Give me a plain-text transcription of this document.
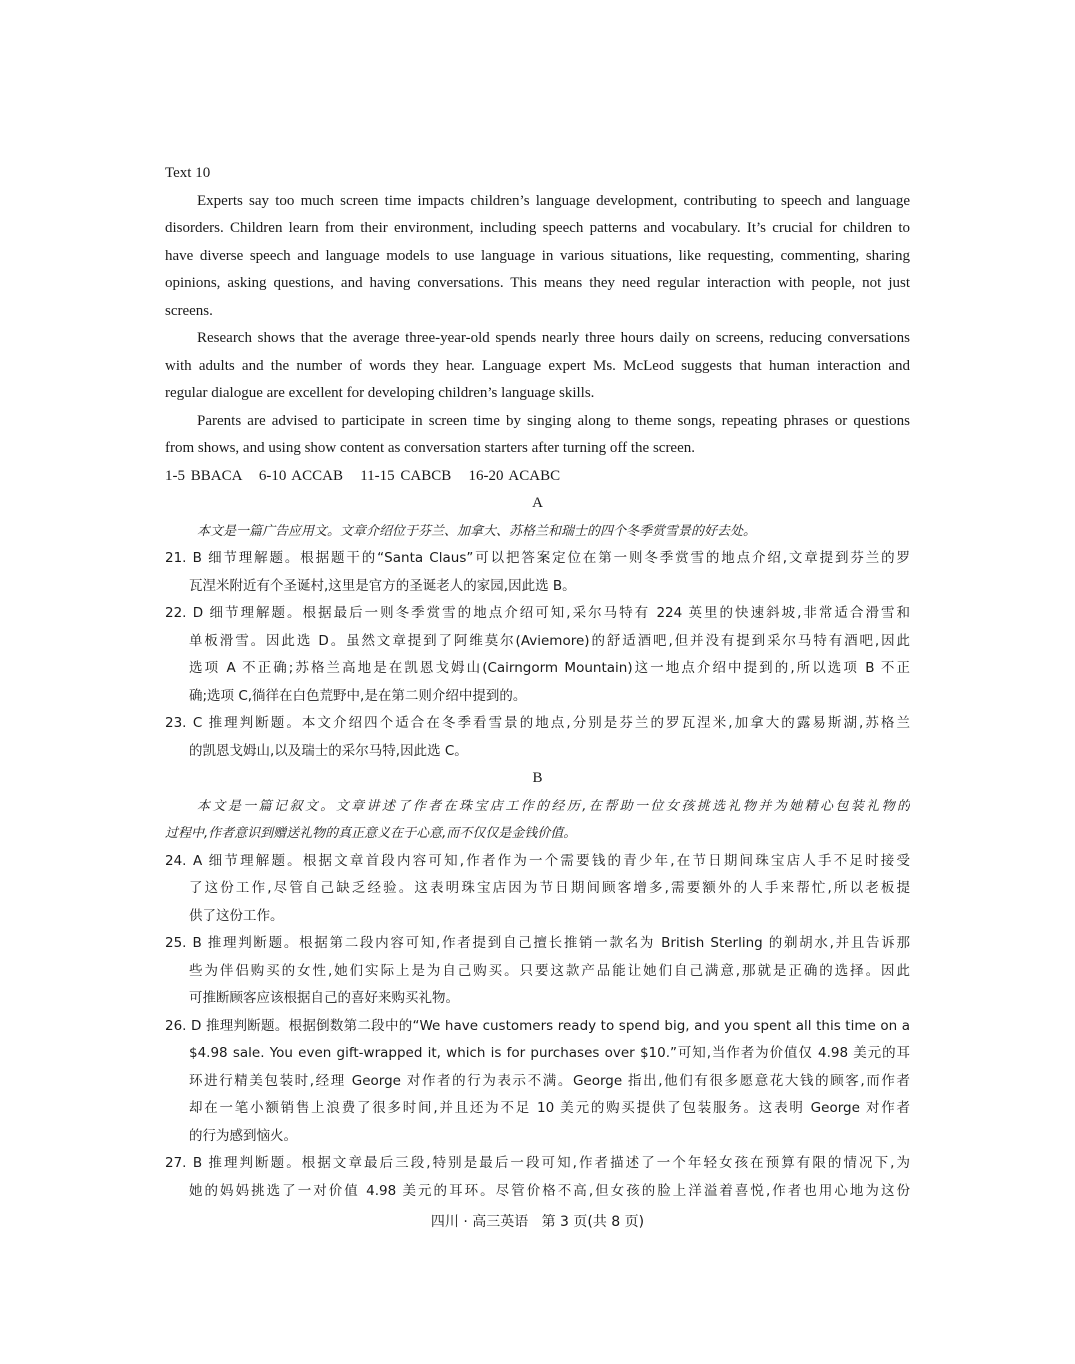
Text 10
Experts say too much screen time impacts children’s language development, contributing to speech and language
disorders. Children learn from their environment, including speech patterns and vocabulary. It’s crucial for children to
have diverse speech and language models to use language in various situations, like requesting, commenting, sharing
opinions, asking questions, and having conversations. This means they need regular interaction with people, not just
screens.
Research shows that the average three-year-old spends nearly three hours daily on screens, reducing conversations
with adults and the number of words they hear. Language expert Ms. McLeod suggests that human interaction and
regular dialogue are excellent for developing children’s language skills.
Parents are advised to participate in screen time by singing along to theme songs, repeating phrases or questions
from shows, and using show content as conversation starters after turning off the screen.
1-5 BBACA   6-10 ACCAB   11-15 CABCB   16-20 ACABC
A
本文是一篇广告应用文。文章介绍位于芬兰、加拿大、苏格兰和瑞士的四个冬季赏雪景的好去处。
21. B 细节理解题。根据题干的“Santa Claus”可以把答案定位在第一则冬季赏雪的地点介绍,文章提到芬兰的罗
瓦涅米附近有个圣诞村,这里是官方的圣诞老人的家园,因此选 B。
22. D 细节理解题。根据最后一则冬季赏雪的地点介绍可知,采尔马特有 224 英里的快速斜坡,非常适合滑雪和
单板滑雪。因此选 D。虽然文章提到了阿维莫尔(Aviemore)的舒适酒吧,但并没有提到采尔马特有酒吧,因此
选项 A 不正确;苏格兰高地是在凯恩戈姆山(Cairngorm Mountain)这一地点介绍中提到的,所以选项 B 不正
确;选项 C,徜徉在白色荒野中,是在第二则介绍中提到的。
23. C 推理判断题。本文介绍四个适合在冬季看雪景的地点,分别是芬兰的罗瓦涅米,加拿大的露易斯湖,苏格兰
的凯恩戈姆山,以及瑞士的采尔马特,因此选 C。
B
本文是一篇记叙文。文章讲述了作者在珠宝店工作的经历,在帮助一位女孩挑选礼物并为她精心包装礼物的
过程中,作者意识到赠送礼物的真正意义在于心意,而不仅仅是金钱价值。
24. A 细节理解题。根据文章首段内容可知,作者作为一个需要钱的青少年,在节日期间珠宝店人手不足时接受
了这份工作,尽管自己缺乏经验。这表明珠宝店因为节日期间顾客增多,需要额外的人手来帮忙,所以老板提
供了这份工作。
25. B 推理判断题。根据第二段内容可知,作者提到自己擅长推销一款名为 British Sterling 的剃胡水,并且告诉那
些为伴侣购买的女性,她们实际上是为自己购买。只要这款产品能让她们自己满意,那就是正确的选择。因此
可推断顾客应该根据自己的喜好来购买礼物。
26. D 推理判断题。根据倒数第二段中的“We have customers ready to spend big, and you spent all this time on a
$4.98 sale. You even gift-wrapped it, which is for purchases over $10.”可知,当作者为价值仅 4.98 美元的耳
环进行精美包装时,经理 George 对作者的行为表示不满。George 指出,他们有很多愿意花大钱的顾客,而作者
却在一笔小额销售上浪费了很多时间,并且还为不足 10 美元的购买提供了包装服务。这表明 George 对作者
的行为感到恼火。
27. B 推理判断题。根据文章最后三段,特别是最后一段可知,作者描述了一个年轻女孩在预算有限的情况下,为
她的妈妈挑选了一对价值 4.98 美元的耳环。尽管价格不高,但女孩的脸上洋溢着喜悦,作者也用心地为这份
四川 · 高三英语   第 3 页(共 8 页)
